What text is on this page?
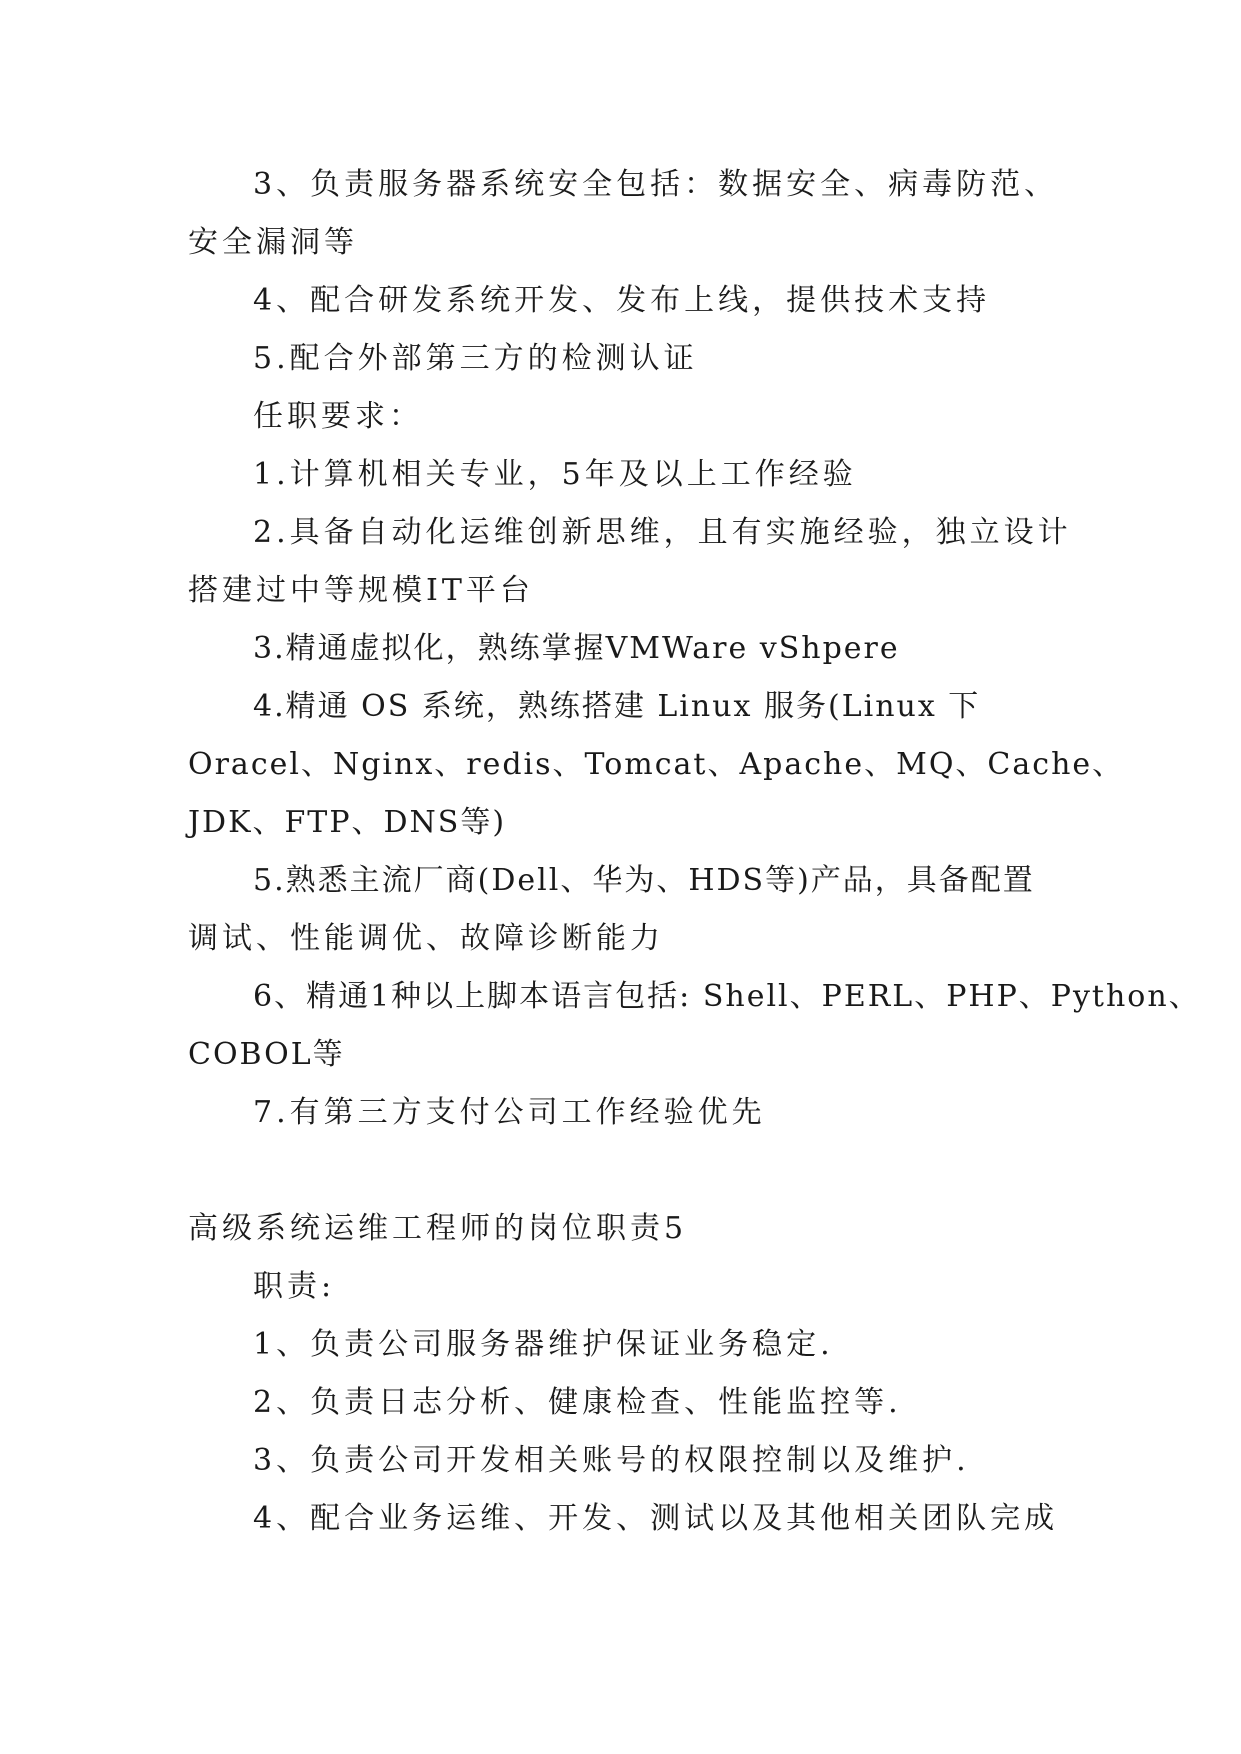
3、负责服务器系统安全包括：数据安全、病毒防范、

安全漏洞等

4、配合研发系统开发、发布上线，提供技术支持

5.配合外部第三方的检测认证

任职要求：

1.计算机相关专业，5年及以上工作经验

2.具备自动化运维创新思维，且有实施经验，独立设计

搭建过中等规模IT平台

3.精通虚拟化，熟练掌握VMWare vShpere

4.精通 OS 系统，熟练搭建 Linux 服务(Linux 下

Oracel、Nginx、redis、Tomcat、Apache、MQ、Cache、

JDK、FTP、DNS等)

5.熟悉主流厂商(Dell、华为、HDS等)产品，具备配置

调试、性能调优、故障诊断能力

6、精通1种以上脚本语言包括: Shell、PERL、PHP、Python、

COBOL等

7.有第三方支付公司工作经验优先

高级系统运维工程师的岗位职责5

职责:

1、负责公司服务器维护保证业务稳定.

2、负责日志分析、健康检查、性能监控等.

3、负责公司开发相关账号的权限控制以及维护.

4、配合业务运维、开发、测试以及其他相关团队完成
